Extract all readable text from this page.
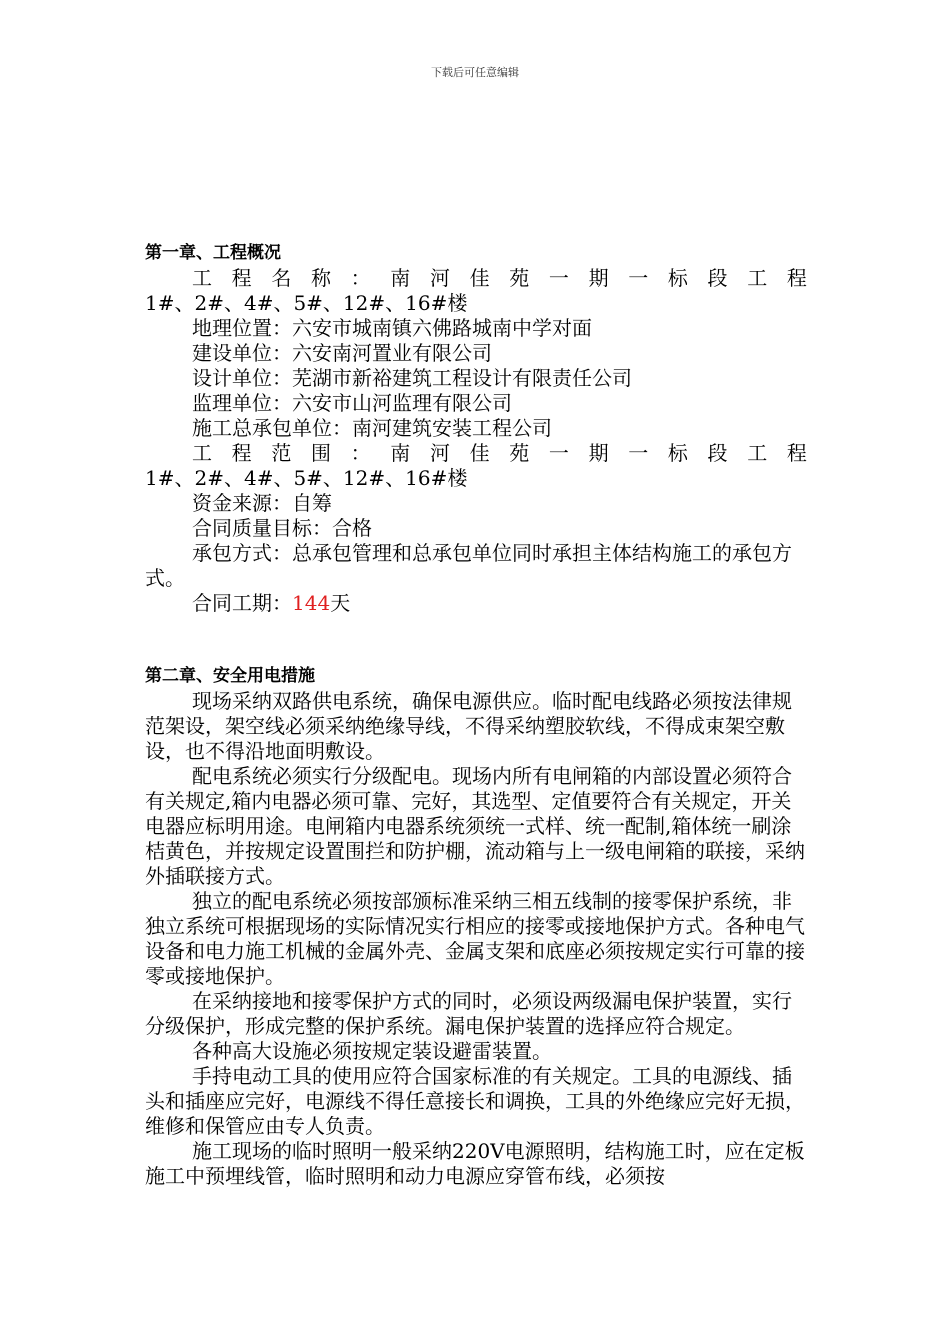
下载后可任意编辑
第一章、工程概况
工 程 名 称 ： 南 河 佳 苑 一 期 一 标 段 工 程

1#、2#、4#、5#、12#、16#楼

地理位置：六安市城南镇六佛路城南中学对面

建设单位：六安南河置业有限公司

设计单位：芜湖市新裕建筑工程设计有限责任公司

监理单位：六安市山河监理有限公司

施工总承包单位：南河建筑安装工程公司

工 程 范 围 ： 南 河 佳 苑 一 期 一 标 段 工 程

1#、2#、4#、5#、12#、16#楼

资金来源：自筹

合同质量目标：合格

承包方式：总承包管理和总承包单位同时承担主体结构施工的承包方式。

合同工期：144天

第二章、安全用电措施

现场采纳双路供电系统，确保电源供应。临时配电线路必须按法律规范架设，架空线必须采纳绝缘导线，不得采纳塑胶软线，不得成束架空敷设，也不得沿地面明敷设。

配电系统必须实行分级配电。现场内所有电闸箱的内部设置必须符合有关规定,箱内电器必须可靠、完好，其选型、定值要符合有关规定，开关电器应标明用途。电闸箱内电器系统须统一式样、统一配制,箱体统一刷涂桔黄色，并按规定设置围拦和防护棚，流动箱与上一级电闸箱的联接，采纳外插联接方式。

独立的配电系统必须按部颁标准采纳三相五线制的接零保护系统，非独立系统可根据现场的实际情况实行相应的接零或接地保护方式。各种电气设备和电力施工机械的金属外壳、金属支架和底座必须按规定实行可靠的接零或接地保护。

在采纳接地和接零保护方式的同时，必须设两级漏电保护装置，实行分级保护，形成完整的保护系统。漏电保护装置的选择应符合规定。

各种高大设施必须按规定装设避雷装置。

手持电动工具的使用应符合国家标准的有关规定。工具的电源线、插头和插座应完好，电源线不得任意接长和调换，工具的外绝缘应完好无损，维修和保管应由专人负责。

施工现场的临时照明一般采纳220V电源照明，结构施工时，应在定板施工中预埋线管，临时照明和动力电源应穿管布线，必须按
